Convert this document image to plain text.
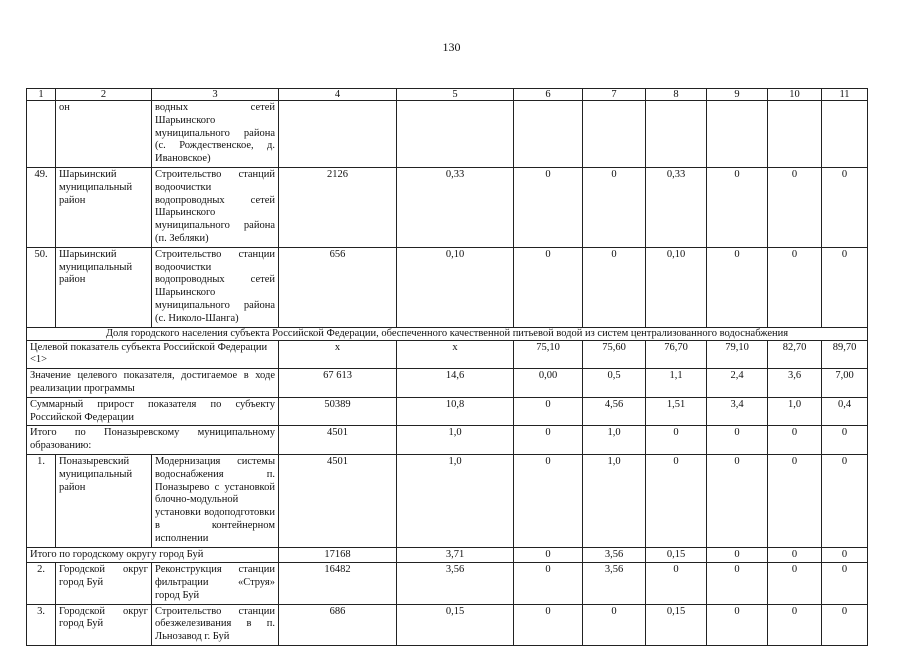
130
1	2	3	4	5	6	7	8	9	10	11
	он	водных сетей Шарьинского муниципального района (с. Рождественское, д. Ивановское)								
49.	Шарьинский муниципальный район	Строительство станций водоочистки водопроводных сетей Шарьинского муниципального района (п. Зебляки)	2126	0,33	0	0	0,33	0	0	0
50.	Шарьинский муниципальный район	Строительство станции водоочистки водопроводных сетей Шарьинского муниципального района (с. Николо-Шанга)	656	0,10	0	0	0,10	0	0	0
Доля городского населения субъекта Российской Федерации, обеспеченного качественной питьевой водой из систем централизованного водоснабжения										
Целевой показатель субъекта Российской Федерации <1>			х	х	75,10	75,60	76,70	79,10	82,70	89,70
Значение целевого показателя, достигаемое в ходе реализации программы			67 613	14,6	0,00	0,5	1,1	2,4	3,6	7,00
Суммарный прирост показателя по субъекту Российской Федерации			50389	10,8	0	4,56	1,51	3,4	1,0	0,4
Итого по Поназыревскому муниципальному образованию:			4501	1,0	0	1,0	0	0	0	0
1.	Поназыревский муниципальный район	Модернизация системы водоснабжения п. Поназырево с установкой блочно-модульной установки водоподготовки в контейнерном исполнении	4501	1,0	0	1,0	0	0	0	0
Итого по городскому округу город Буй			17168	3,71	0	3,56	0,15	0	0	0
2.	Городской округ город Буй	Реконструкция станции фильтрации «Струя» город Буй	16482	3,56	0	3,56	0	0	0	0
3.	Городской округ город Буй	Строительство станции обезжелезивания в п. Льнозавод г. Буй	686	0,15	0	0	0,15	0	0	0
